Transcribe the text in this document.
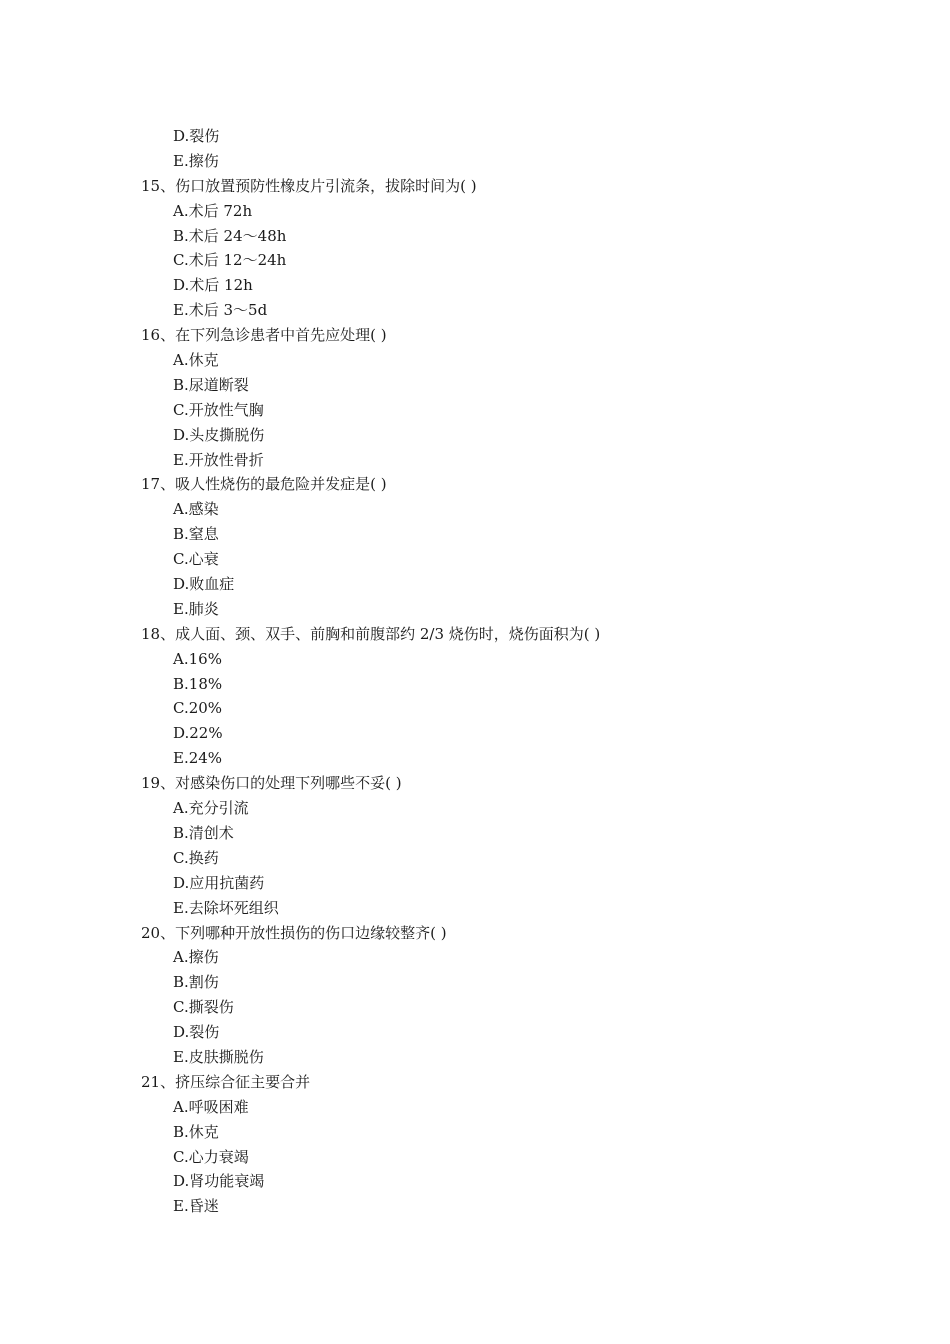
D.裂伤
E.擦伤
15、伤口放置预防性橡皮片引流条，拔除时间为( )
A.术后 72h
B.术后 24～48h
C.术后 12～24h
D.术后 12h
E.术后 3～5d
16、在下列急诊患者中首先应处理( )
A.休克
B.尿道断裂
C.开放性气胸
D.头皮撕脱伤
E.开放性骨折
17、吸人性烧伤的最危险并发症是( )
A.感染
B.窒息
C.心衰
D.败血症
E.肺炎
18、成人面、颈、双手、前胸和前腹部约 2/3 烧伤时，烧伤面积为( )
A.16%
B.18%
C.20%
D.22%
E.24%
19、对感染伤口的处理下列哪些不妥( )
A.充分引流
B.清创术
C.换药
D.应用抗菌药
E.去除坏死组织
20、下列哪种开放性损伤的伤口边缘较整齐( )
A.擦伤
B.割伤
C.撕裂伤
D.裂伤
E.皮肤撕脱伤
21、挤压综合征主要合并
A.呼吸困难
B.休克
C.心力衰竭
D.肾功能衰竭
E.昏迷
